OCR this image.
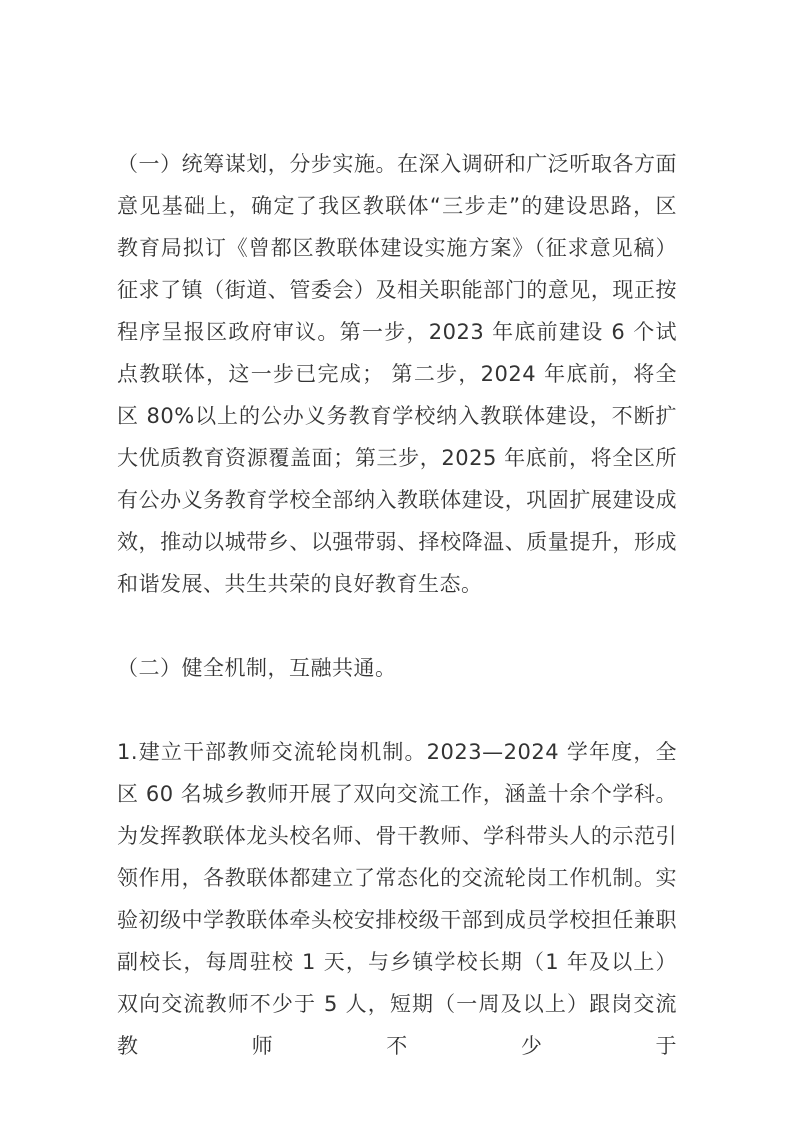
（一）统筹谋划，分步实施。在深入调研和广泛听取各方面意见基础上，确定了我区教联体“三步走”的建设思路，区教育局拟订《曾都区教联体建设实施方案》（征求意见稿）征求了镇（街道、管委会）及相关职能部门的意见，现正按程序呈报区政府审议。第一步，2023 年底前建设 6 个试点教联体，这一步已完成； 第二步，2024 年底前，将全区 80%以上的公办义务教育学校纳入教联体建设，不断扩大优质教育资源覆盖面；第三步，2025 年底前，将全区所有公办义务教育学校全部纳入教联体建设，巩固扩展建设成效，推动以城带乡、以强带弱、择校降温、质量提升，形成和谐发展、共生共荣的良好教育生态。

（二）健全机制，互融共通。

1.建立干部教师交流轮岗机制。2023—2024 学年度，全区 60 名城乡教师开展了双向交流工作，涵盖十余个学科。为发挥教联体龙头校名师、骨干教师、学科带头人的示范引领作用，各教联体都建立了常态化的交流轮岗工作机制。实验初级中学教联体牵头校安排校级干部到成员学校担任兼职副校长，每周驻校 1 天，与乡镇学校长期（1 年及以上）双向交流教师不少于 5 人，短期（一周及以上）跟岗交流教师不少于
